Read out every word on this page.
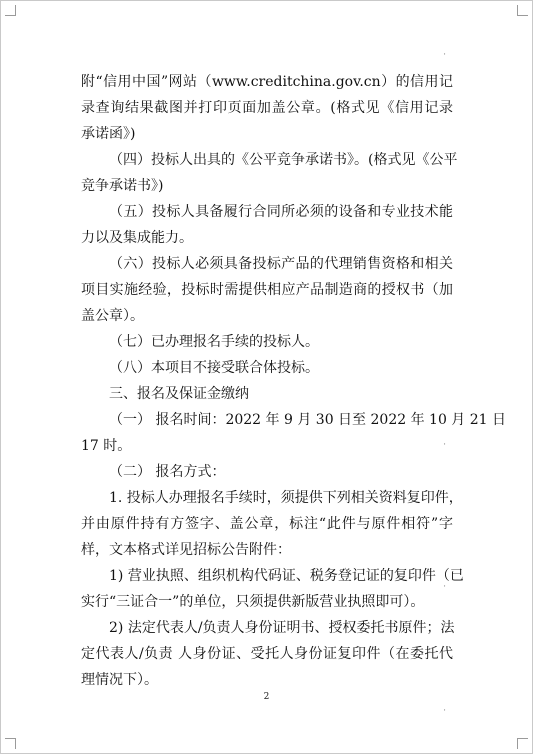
·
·
·
·
附“信用中国”网站（www.creditchina.gov.cn）的信用记
录查询结果截图并打印页面加盖公章。(格式见《信用记录
承诺函》)
（四）投标人出具的《公平竞争承诺书》。(格式见《公平
竞争承诺书》)
（五）投标人具备履行合同所必须的设备和专业技术能
力以及集成能力。
（六）投标人必须具备投标产品的代理销售资格和相关
项目实施经验，投标时需提供相应产品制造商的授权书（加
盖公章）。
（七）已办理报名手续的投标人。
（八）本项目不接受联合体投标。
三、报名及保证金缴纳
（一） 报名时间：2022 年 9 月 30 日至 2022 年 10 月 21 日
17 时。
（二） 报名方式：
1. 投标人办理报名手续时，须提供下列相关资料复印件，
并由原件持有方签字、盖公章，标注“此件与原件相符”字
样，文本格式详见招标公告附件：
1) 营业执照、组织机构代码证、税务登记证的复印件（已
实行“三证合一”的单位，只须提供新版营业执照即可）。
2) 法定代表人/负责人身份证明书、授权委托书原件；法
定代表人/负责 人身份证、受托人身份证复印件（在委托代
理情况下）。
2
